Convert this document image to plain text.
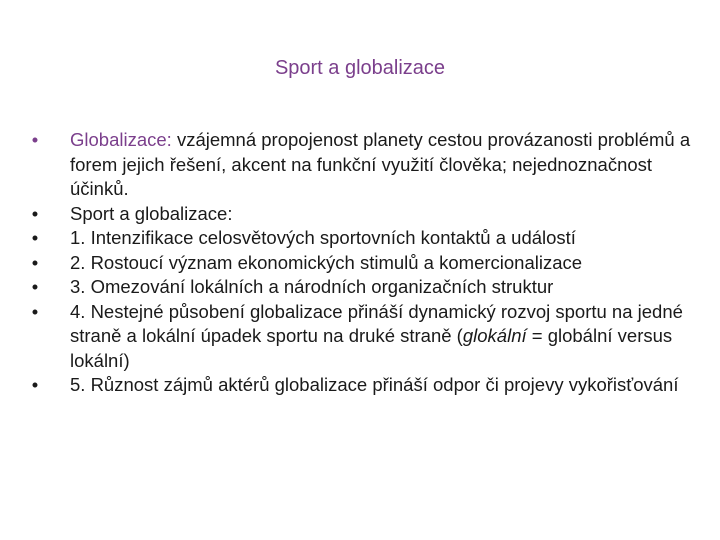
Sport a globalizace
• Globalizace: vzájemná propojenost planety cestou provázanosti problémů a forem jejich řešení, akcent na funkční využití člověka; nejednoznačnost účinků.
• Sport a globalizace:
• 1. Intenzifikace celosvětových sportovních kontaktů a událostí
• 2. Rostoucí význam ekonomických stimulů a komercionalizace
• 3. Omezování lokálních a národních organizačních struktur
• 4. Nestejné působení globalizace přináší dynamický rozvoj sportu na jedné straně a lokální úpadek sportu na druké straně (glokální = globální versus lokální)
• 5. Různost zájmů aktérů globalizace přináší odpor či projevy vykořisťování
